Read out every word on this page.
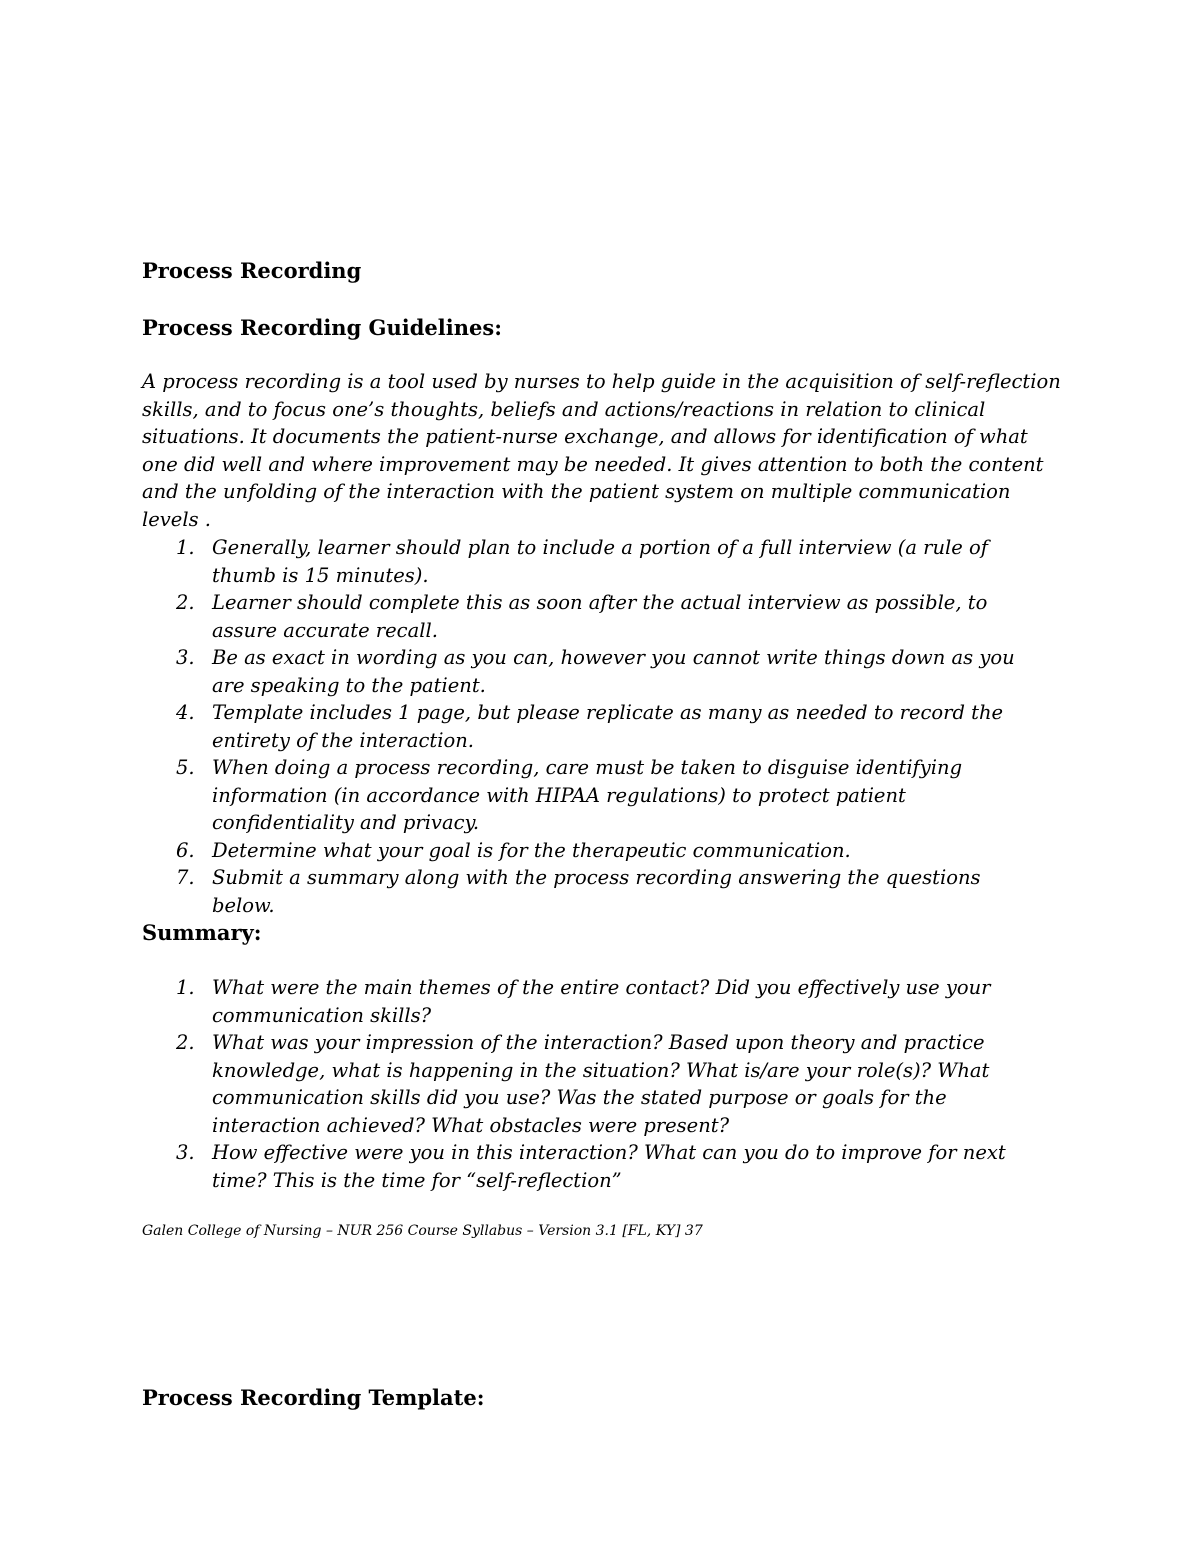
Process Recording
Process Recording Guidelines:

A process recording is a tool used by nurses to help guide in the acquisition of self-reflection skills, and to focus one’s thoughts, beliefs and actions/reactions in relation to clinical situations. It documents the patient-nurse exchange, and allows for identification of what one did well and where improvement may be needed. It gives attention to both the content and the unfolding of the interaction with the patient system on multiple communication levels .

1. Generally, learner should plan to include a portion of a full interview (a rule of thumb is 15 minutes).
2. Learner should complete this as soon after the actual interview as possible, to assure accurate recall.
3. Be as exact in wording as you can, however you cannot write things down as you are speaking to the patient.
4. Template includes 1 page, but please replicate as many as needed to record the entirety of the interaction.
5. When doing a process recording, care must be taken to disguise identifying information (in accordance with HIPAA regulations) to protect patient confidentiality and privacy.
6. Determine what your goal is for the therapeutic communication.
7. Submit a summary along with the process recording answering the questions below.
Summary:
1. What were the main themes of the entire contact? Did you effectively use your communication skills?
2. What was your impression of the interaction? Based upon theory and practice knowledge, what is happening in the situation? What is/are your role(s)? What communication skills did you use? Was the stated purpose or goals for the interaction achieved? What obstacles were present?
3. How effective were you in this interaction? What can you do to improve for next time? This is the time for “self-reflection”

Galen College of Nursing – NUR 256 Course Syllabus – Version 3.1 [FL, KY] 37

Process Recording Template:
